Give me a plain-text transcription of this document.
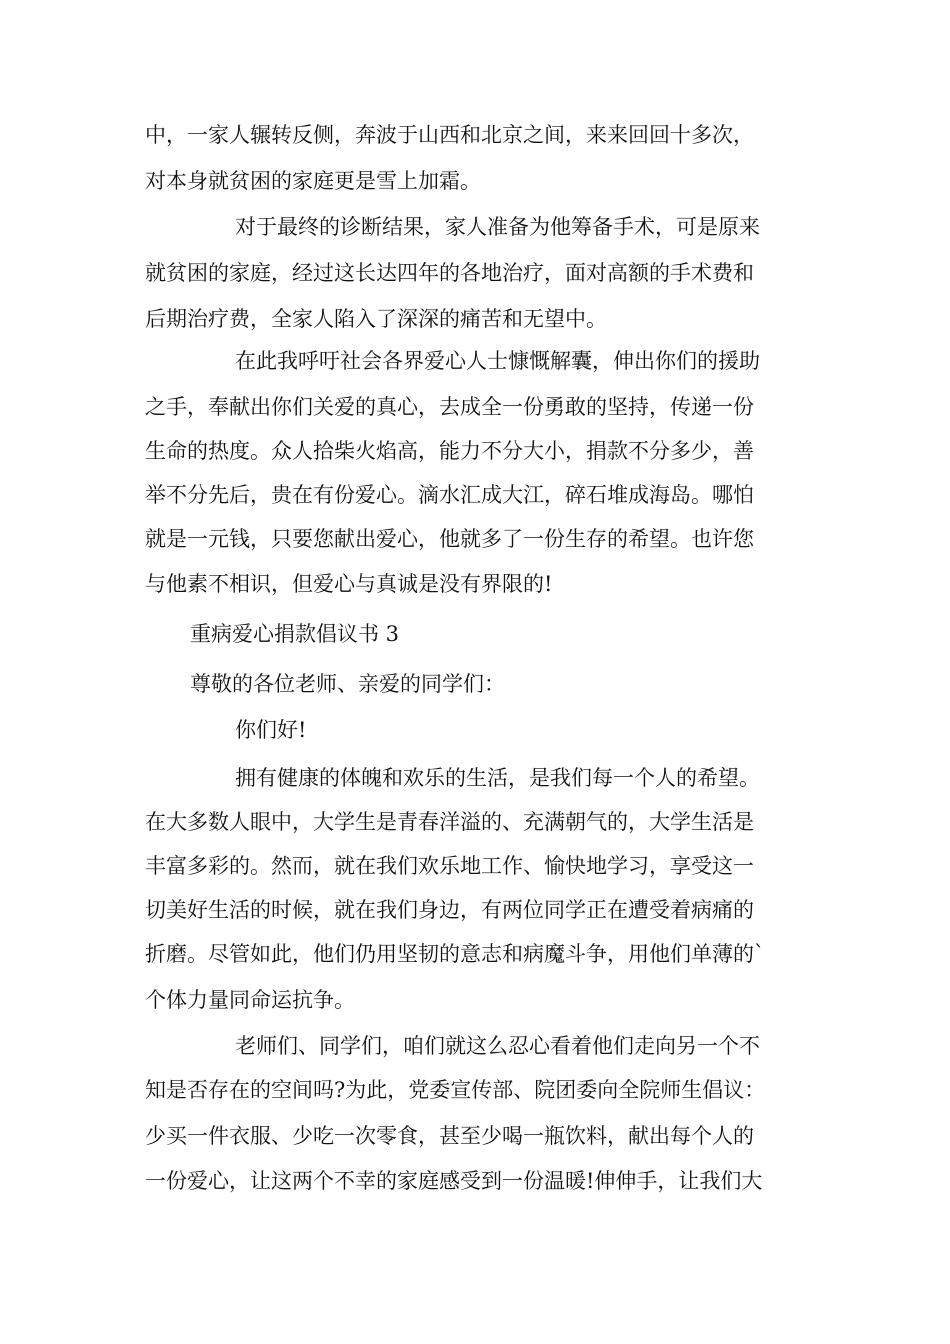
中，一家人辗转反侧，奔波于山西和北京之间，来来回回十多次，
对本身就贫困的家庭更是雪上加霜。
对于最终的诊断结果，家人准备为他筹备手术，可是原来
就贫困的家庭，经过这长达四年的各地治疗，面对高额的手术费和
后期治疗费，全家人陷入了深深的痛苦和无望中。
在此我呼吁社会各界爱心人士慷慨解囊，伸出你们的援助
之手，奉献出你们关爱的真心，去成全一份勇敢的坚持，传递一份
生命的热度。众人拾柴火焰高，能力不分大小，捐款不分多少，善
举不分先后，贵在有份爱心。滴水汇成大江，碎石堆成海岛。哪怕
就是一元钱，只要您献出爱心，他就多了一份生存的希望。也许您
与他素不相识，但爱心与真诚是没有界限的!
重病爱心捐款倡议书 3
尊敬的各位老师、亲爱的同学们：
你们好!
拥有健康的体魄和欢乐的生活，是我们每一个人的希望。
在大多数人眼中，大学生是青春洋溢的、充满朝气的，大学生活是
丰富多彩的。然而，就在我们欢乐地工作、愉快地学习，享受这一
切美好生活的时候，就在我们身边，有两位同学正在遭受着病痛的
折磨。尽管如此，他们仍用坚韧的意志和病魔斗争，用他们单薄的`
个体力量同命运抗争。
老师们、同学们，咱们就这么忍心看着他们走向另一个不
知是否存在的空间吗?为此，党委宣传部、院团委向全院师生倡议：
少买一件衣服、少吃一次零食，甚至少喝一瓶饮料，献出每个人的
一份爱心，让这两个不幸的家庭感受到一份温暖!伸伸手，让我们大
